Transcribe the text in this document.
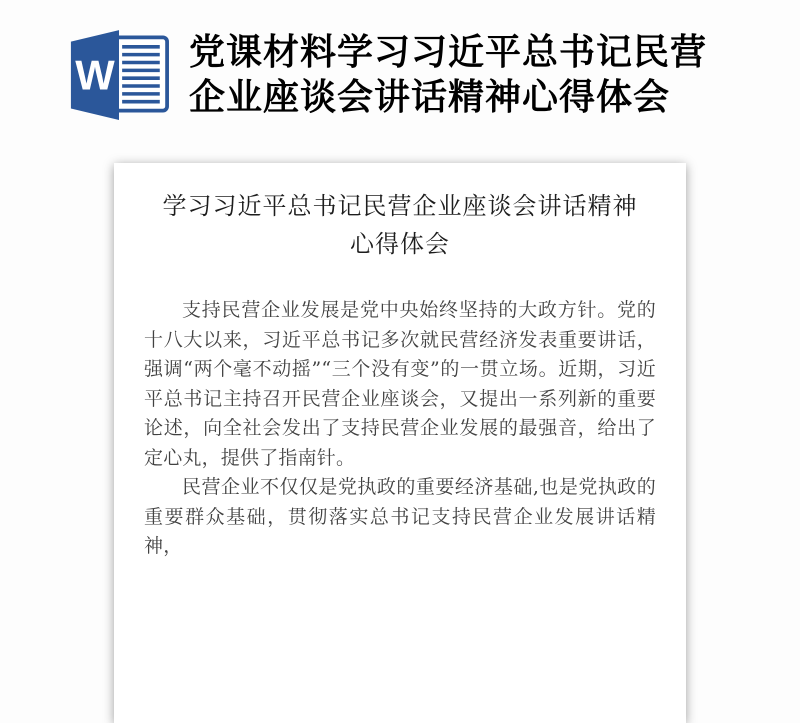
W
党课材料学习习近平总书记民营
企业座谈会讲话精神心得体会
学习习近平总书记民营企业座谈会讲话精神
心得体会

支持民营企业发展是党中央始终坚持的大政方针。党的十八大以来，习近平总书记多次就民营经济发表重要讲话，强调“两个毫不动摇”“三个没有变”的一贯立场。近期，习近平总书记主持召开民营企业座谈会，又提出一系列新的重要论述，向全社会发出了支持民营企业发展的最强音，给出了定心丸，提供了指南针。

民营企业不仅仅是党执政的重要经济基础,也是党执政的重要群众基础，贯彻落实总书记支持民营企业发展讲话精神，
